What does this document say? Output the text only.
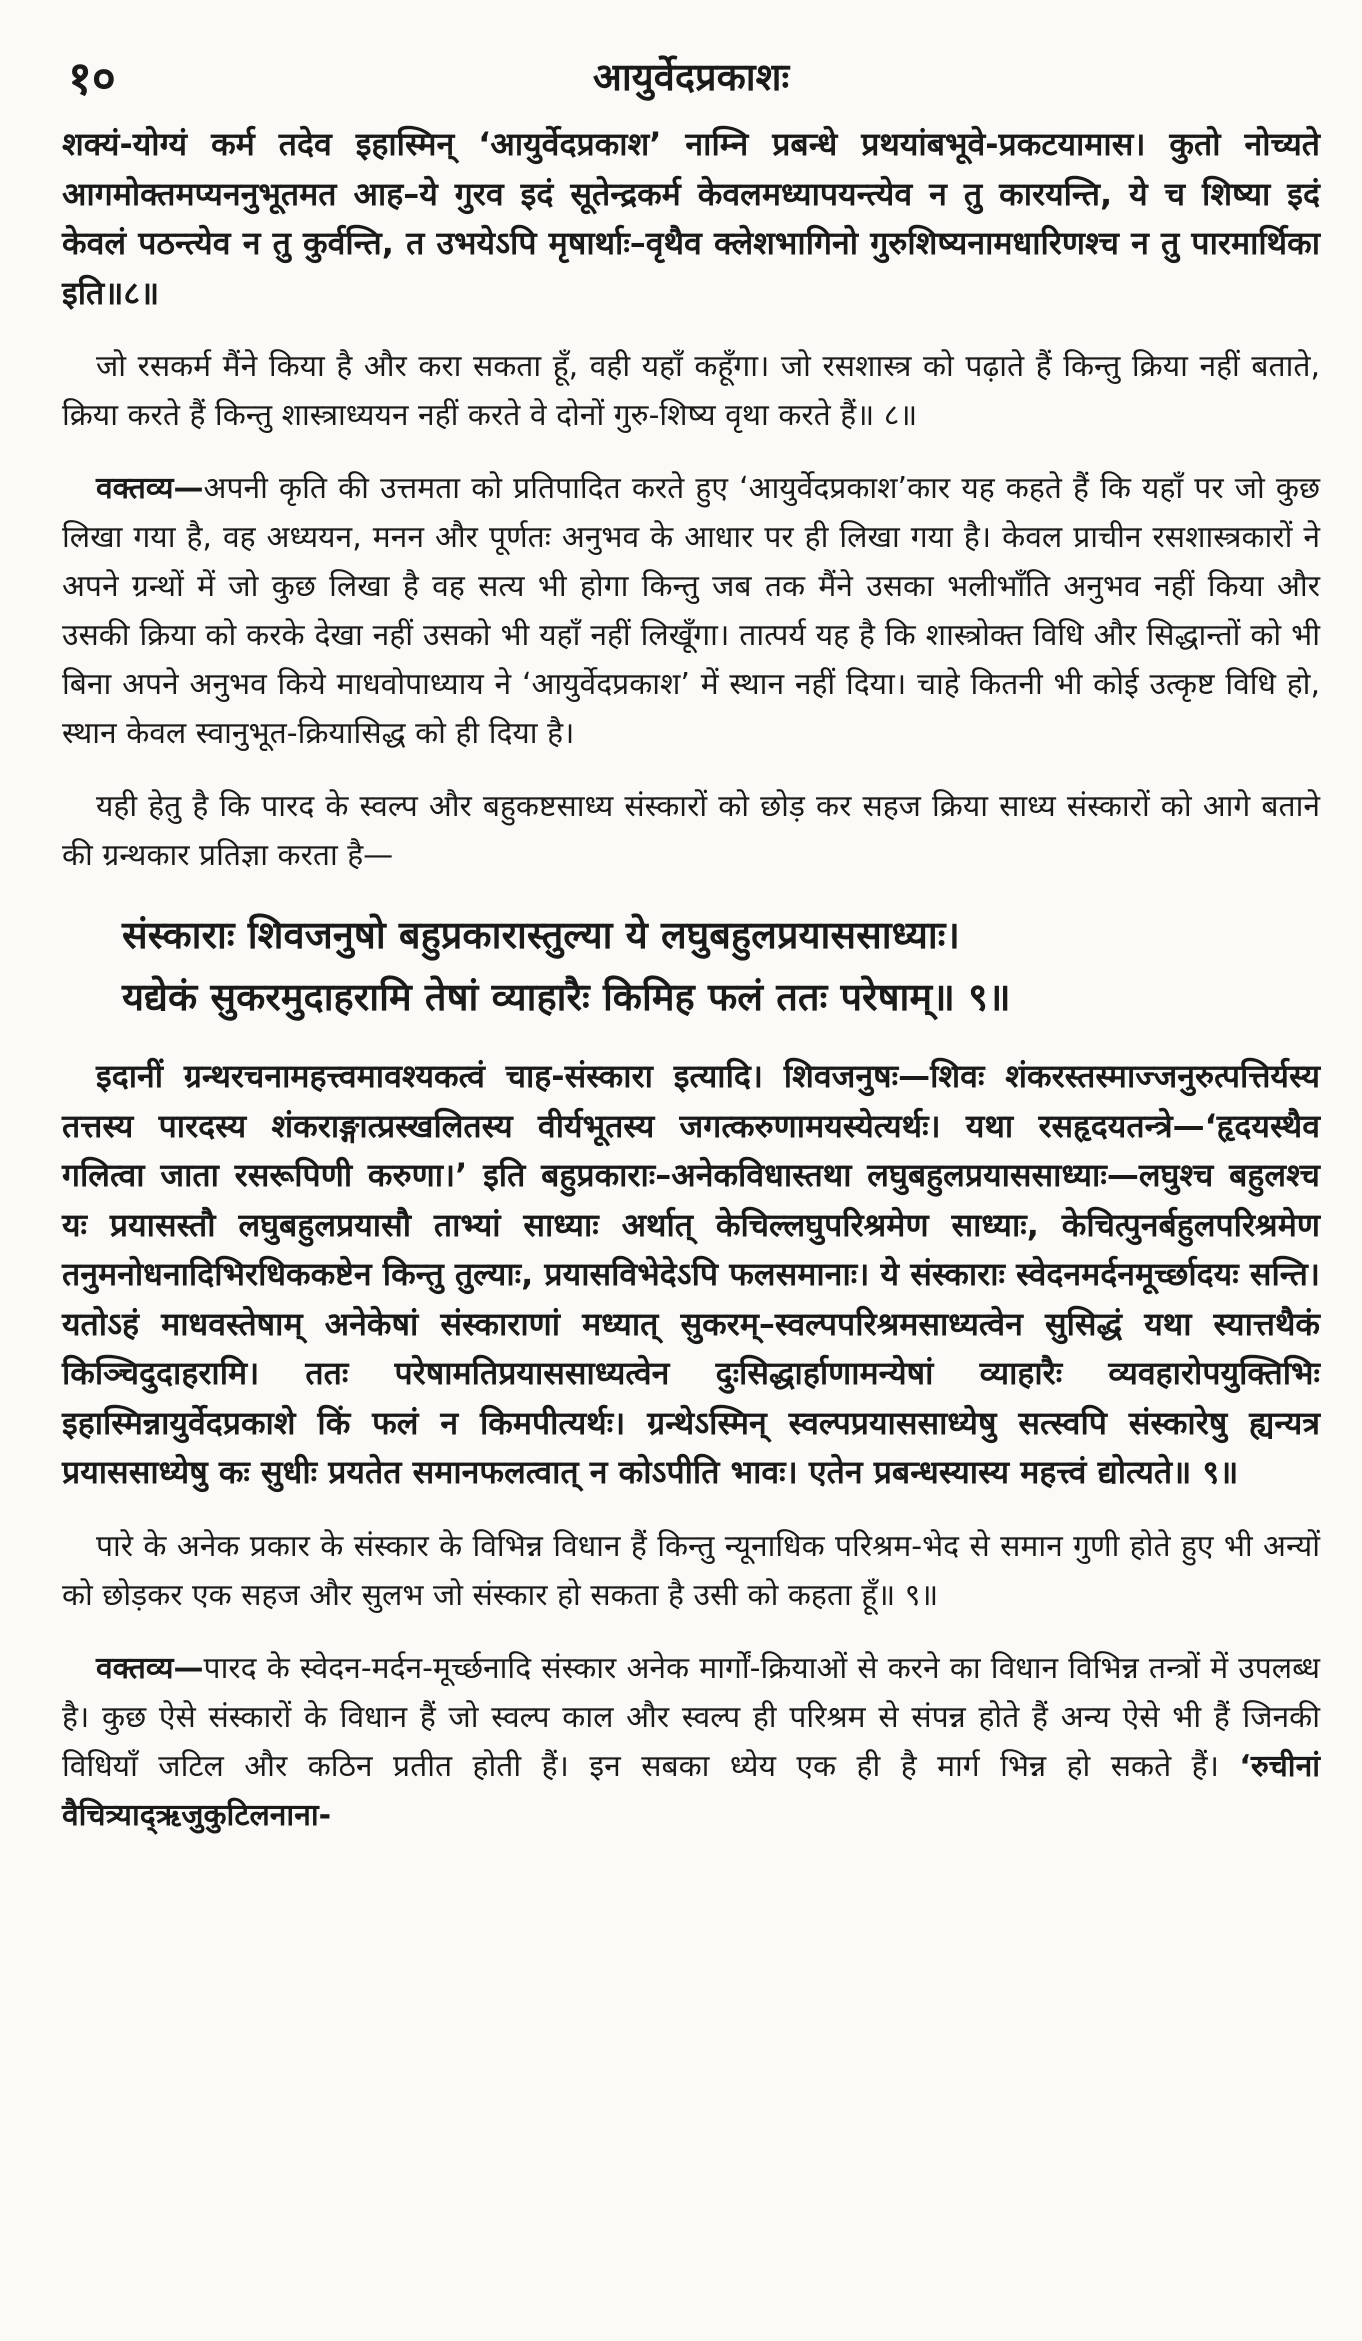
१०	आयुर्वेदप्रकाशः

शक्यं-योग्यं कर्म तदेव इहास्मिन् ‘आयुर्वेदप्रकाश’ नाम्नि प्रबन्धे प्रथयांबभूवे-प्रकटयामास। कुतो नोच्यते आगमोक्तमप्यननुभूतमत आह–ये गुरव इदं सूतेन्द्रकर्म केवलमध्यापयन्त्येव न तु कारयन्ति, ये च शिष्या इदं केवलं पठन्त्येव न तु कुर्वन्ति, त उभयेऽपि मृषार्थाः–वृथैव क्लेशभागिनो गुरुशिष्यनामधारिणश्च न तु पारमार्थिका इति॥८॥

जो रसकर्म मैंने किया है और करा सकता हूँ, वही यहाँ कहूँगा। जो रसशास्त्र को पढ़ाते हैं किन्तु क्रिया नहीं बताते, क्रिया करते हैं किन्तु शास्त्राध्ययन नहीं करते वे दोनों गुरु-शिष्य वृथा करते हैं॥ ८॥

वक्तव्य—अपनी कृति की उत्तमता को प्रतिपादित करते हुए ‘आयुर्वेदप्रकाश’कार यह कहते हैं कि यहाँ पर जो कुछ लिखा गया है, वह अध्ययन, मनन और पूर्णतः अनुभव के आधार पर ही लिखा गया है। केवल प्राचीन रसशास्त्रकारों ने अपने ग्रन्थों में जो कुछ लिखा है वह सत्य भी होगा किन्तु जब तक मैंने उसका भलीभाँति अनुभव नहीं किया और उसकी क्रिया को करके देखा नहीं उसको भी यहाँ नहीं लिखूँगा। तात्पर्य यह है कि शास्त्रोक्त विधि और सिद्धान्तों को भी बिना अपने अनुभव किये माधवोपाध्याय ने ‘आयुर्वेदप्रकाश’ में स्थान नहीं दिया। चाहे कितनी भी कोई उत्कृष्ट विधि हो, स्थान केवल स्वानुभूत-क्रियासिद्ध को ही दिया है।

यही हेतु है कि पारद के स्वल्प और बहुकष्टसाध्य संस्कारों को छोड़ कर सहज क्रिया साध्य संस्कारों को आगे बताने की ग्रन्थकार प्रतिज्ञा करता है—

संस्काराः शिवजनुषो बहुप्रकारास्तुल्या ये लघुबहुलप्रयाससाध्याः।
यद्येकं सुकरमुदाहरामि तेषां व्याहारैः किमिह फलं ततः परेषाम्॥ ९॥

इदानीं ग्रन्थरचनामहत्त्वमावश्यकत्वं चाह-संस्कारा इत्यादि। शिवजनुषः—शिवः शंकरस्तस्माज्जनुरुत्पत्तिर्यस्य तत्तस्य पारदस्य शंकराङ्गात्प्रस्खलितस्य वीर्यभूतस्य जगत्करुणामयस्येत्यर्थः। यथा रसहृदयतन्त्रे—‘हृदयस्थैव गलित्वा जाता रसरूपिणी करुणा।’ इति बहुप्रकाराः–अनेकविधास्तथा लघुबहुलप्रयाससाध्याः—लघुश्च बहुलश्च यः प्रयासस्तौ लघुबहुलप्रयासौ ताभ्यां साध्याः अर्थात् केचिल्लघुपरिश्रमेण साध्याः, केचित्पुनर्बहुलपरिश्रमेण तनुमनोधनादिभिरधिककष्टेन किन्तु तुल्याः, प्रयासविभेदेऽपि फलसमानाः। ये संस्काराः स्वेदनमर्दनमूर्च्छादयः सन्ति। यतोऽहं माधवस्तेषाम् अनेकेषां संस्काराणां मध्यात् सुकरम्–स्वल्पपरिश्रमसाध्यत्वेन सुसिद्धं यथा स्यात्तथैकं किञ्चिदुदाहरामि। ततः परेषामतिप्रयाससाध्यत्वेन दुःसिद्धार्हाणामन्येषां व्याहारैः व्यवहारोपयुक्तिभिः इहास्मिन्नायुर्वेदप्रकाशे किं फलं न किमपीत्यर्थः। ग्रन्थेऽस्मिन् स्वल्पप्रयाससाध्येषु सत्स्वपि संस्कारेषु ह्यन्यत्र प्रयाससाध्येषु कः सुधीः प्रयतेत समानफलत्वात् न कोऽपीति भावः। एतेन प्रबन्धस्यास्य महत्त्वं द्योत्यते॥ ९॥

पारे के अनेक प्रकार के संस्कार के विभिन्न विधान हैं किन्तु न्यूनाधिक परिश्रम-भेद से समान गुणी होते हुए भी अन्यों को छोड़कर एक सहज और सुलभ जो संस्कार हो सकता है उसी को कहता हूँ॥ ९॥

वक्तव्य—पारद के स्वेदन-मर्दन-मूर्च्छनादि संस्कार अनेक मार्गों-क्रियाओं से करने का विधान विभिन्न तन्त्रों में उपलब्ध है। कुछ ऐसे संस्कारों के विधान हैं जो स्वल्प काल और स्वल्प ही परिश्रम से संपन्न होते हैं अन्य ऐसे भी हैं जिनकी विधियाँ जटिल और कठिन प्रतीत होती हैं। इन सबका ध्येय एक ही है मार्ग भिन्न हो सकते हैं। ‘रुचीनां वैचित्र्याद्ऋजुकुटिलनाना-
